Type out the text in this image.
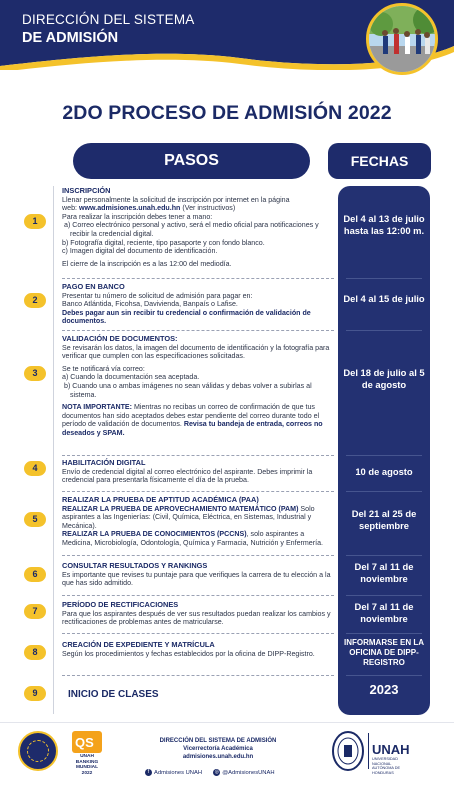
DIRECCIÓN DEL SISTEMA
DE ADMISIÓN
2DO PROCESO DE ADMISIÓN 2022
PASOS	FECHAS
1
INSCRIPCIÓN
Llenar personalmente la solicitud de inscripción por internet en la página
web: www.admisiones.unah.edu.hn (Ver instructivos)
Para realizar la inscripción debes tener a mano:
a) Correo electrónico personal y activo, será el medio oficial para notificaciones y recibir la credencial digital.
b) Fotografía digital, reciente, tipo pasaporte y con fondo blanco.
c) Imagen digital del documento de identificación.
El cierre de la inscripción es a las 12:00 del mediodía.
Del 4 al 13 de julio hasta las 12:00 m.
2
PAGO EN BANCO
Presentar tu número de solicitud de admisión para pagar en:
Banco Atlántida, Ficohsa, Davivienda, Banpaís o Lafise.
Debes pagar aun sin recibir tu credencial o confirmación de validación de documentos.
Del 4 al 15 de julio
3
VALIDACIÓN DE DOCUMENTOS:
Se revisarán los datos, la imagen del documento de identificación y la fotografía para verificar que cumplen con las especificaciones solicitadas.
Se te notificará vía correo:
a) Cuando la documentación sea aceptada.
b) Cuando una o ambas imágenes no sean válidas y debas volver a subirlas al sistema.
NOTA IMPORTANTE: Mientras no recibas un correo de confirmación de que tus documentos han sido aceptados debes estar pendiente del correo durante todo el período de validación de documentos. Revisa tu bandeja de entrada, correos no deseados y SPAM.
Del 18 de julio al 5 de agosto
4
HABILITACIÓN DIGITAL
Envío de credencial digital al correo electrónico del aspirante. Debes imprimir la credencial para presentarla físicamente el día de la prueba.
10 de agosto
5
REALIZAR LA PRUEBA DE APTITUD ACADÉMICA (PAA)
REALIZAR LA PRUEBA DE APROVECHAMIENTO MATEMÁTICO (PAM) Solo aspirantes a las Ingenierías: (Civil, Química, Eléctrica, en Sistemas, Industrial y Mecánica).
REALIZAR LA PRUEBA DE CONOCIMIENTOS (PCCNS), solo aspirantes a Medicina, Microbiología, Odontología, Química y Farmacia, Nutrición y Enfermería.
Del 21 al 25 de septiembre
6
CONSULTAR RESULTADOS Y RANKINGS
Es importante que revises tu puntaje para que verifiques la carrera de tu elección a la que has sido admitido.
Del 7 al 11 de noviembre
7
PERÍODO DE RECTIFICACIONES
Para que los aspirantes después de ver sus resultados puedan realizar los cambios y rectificaciones de problemas antes de matricularse.
Del 7 al 11 de noviembre
8
CREACIÓN DE EXPEDIENTE Y MATRÍCULA
Según los procedimientos y fechas establecidos por la oficina de DIPP-Registro.
INFORMARSE EN LA OFICINA DE DIPP-REGISTRO
9	INICIO DE CLASES	2023
QS
UNAH BANKING MUNDIAL 2022
DIRECCIÓN DEL SISTEMA DE ADMISIÓN
Vicerrectoría Académica
admisiones.unah.edu.hn
f Admisiones UNAH	◎ @AdmisionesUNAH
UNAH
UNIVERSIDAD NACIONAL AUTÓNOMA DE HONDURAS
